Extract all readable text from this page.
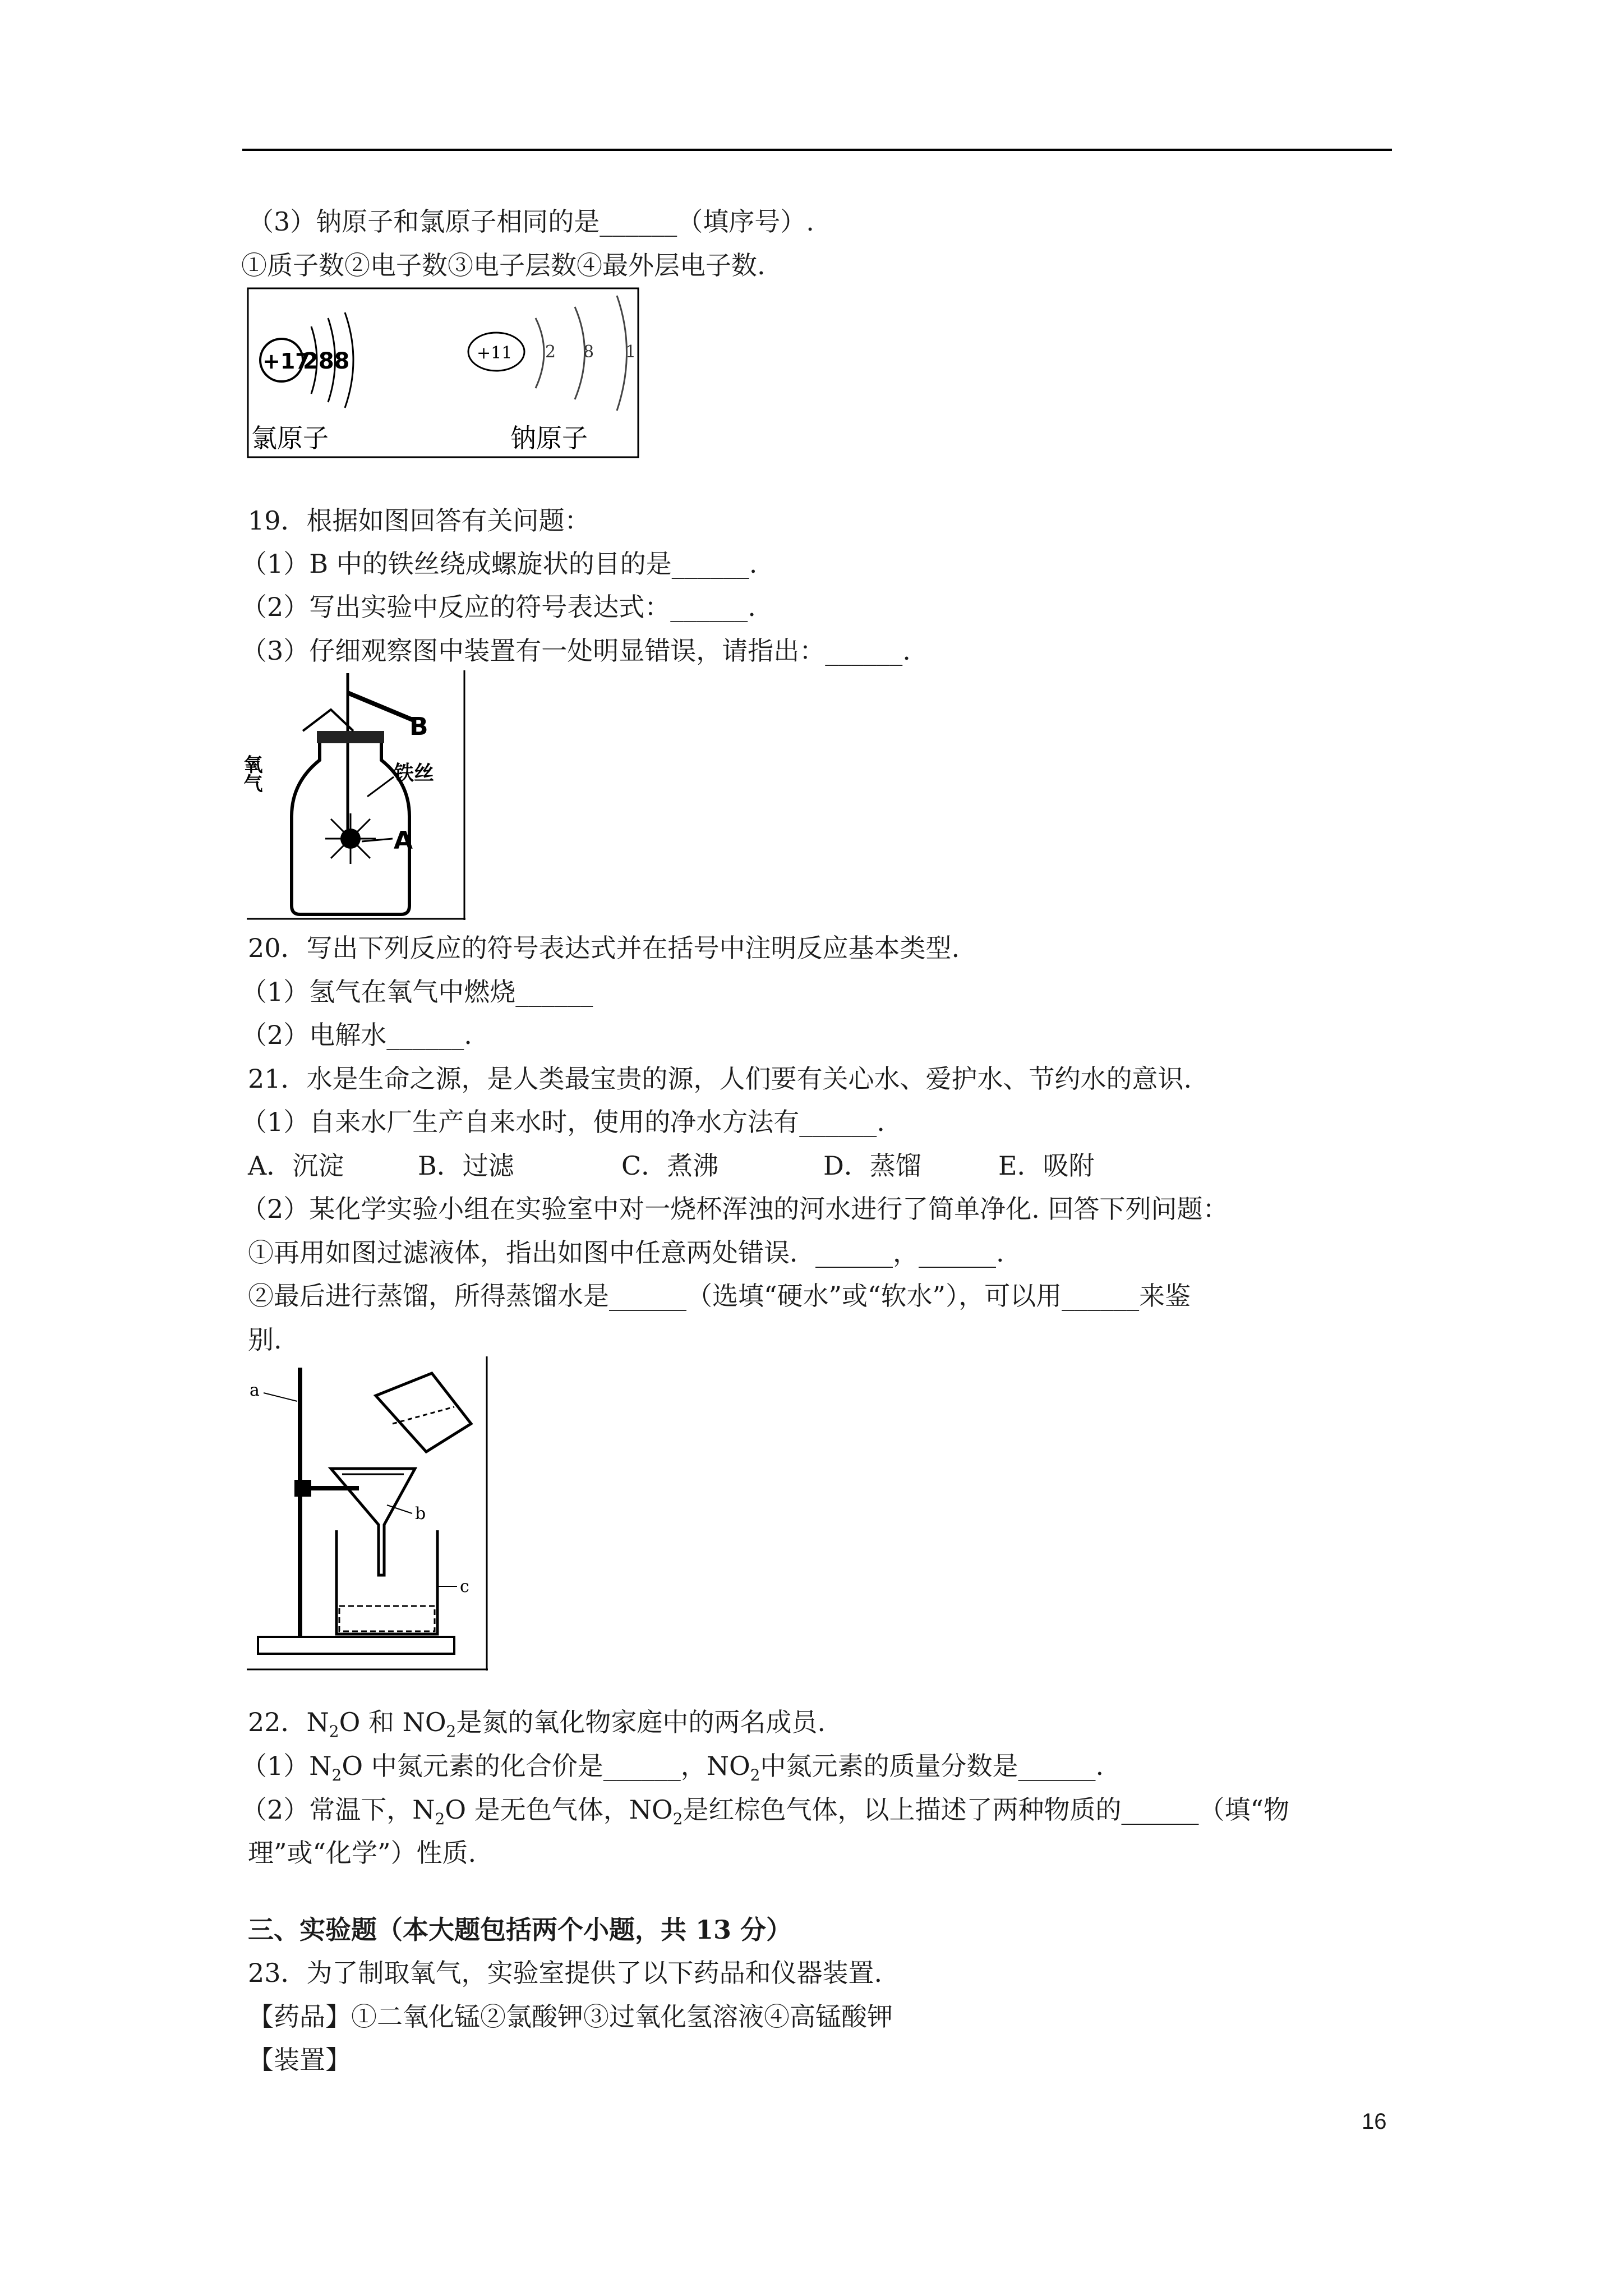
（3）钠原子和氯原子相同的是______（填序号）.
①质子数②电子数③电子层数④最外层电子数.
+17
288
氯原子
+11 2 8 1
钠原子
19．根据如图回答有关问题：
（1）B 中的铁丝绕成螺旋状的目的是______.
（2）写出实验中反应的符号表达式：______.
（3）仔细观察图中装置有一处明显错误，请指出：______.
B
A
铁丝
氧气
20．写出下列反应的符号表达式并在括号中注明反应基本类型.
（1）氢气在氧气中燃烧______
（2）电解水______.
21．水是生命之源，是人类最宝贵的源，人们要有关心水、爱护水、节约水的意识.
（1）自来水厂生产自来水时，使用的净水方法有______.
A．沉淀	B．过滤	C．煮沸	D．蒸馏	E．吸附
（2）某化学实验小组在实验室中对一烧杯浑浊的河水进行了简单净化. 回答下列问题：
①再用如图过滤液体，指出如图中任意两处错误．______，______.
②最后进行蒸馏，所得蒸馏水是______（选填“硬水”或“软水”），可以用______来鉴
别.
a
b
c
22．$N_2O$ 和 $NO_2$是氮的氧化物家庭中的两名成员.
$(1)N_2O$ 中氮元素的化合价是______，$NO_2$中氮元素的质量分数是______.
（2）常温下，$N_2O$ 是无色气体，$NO_2$是红棕色气体，以上描述了两种物质的______（填“物
理”或“化学”）性质.
三、实验题（本大题包括两个小题，共 13 分）
23．为了制取氧气，实验室提供了以下药品和仪器装置.
【药品】①二氧化锰②氯酸钾③过氧化氢溶液④高锰酸钾
【装置】
16
